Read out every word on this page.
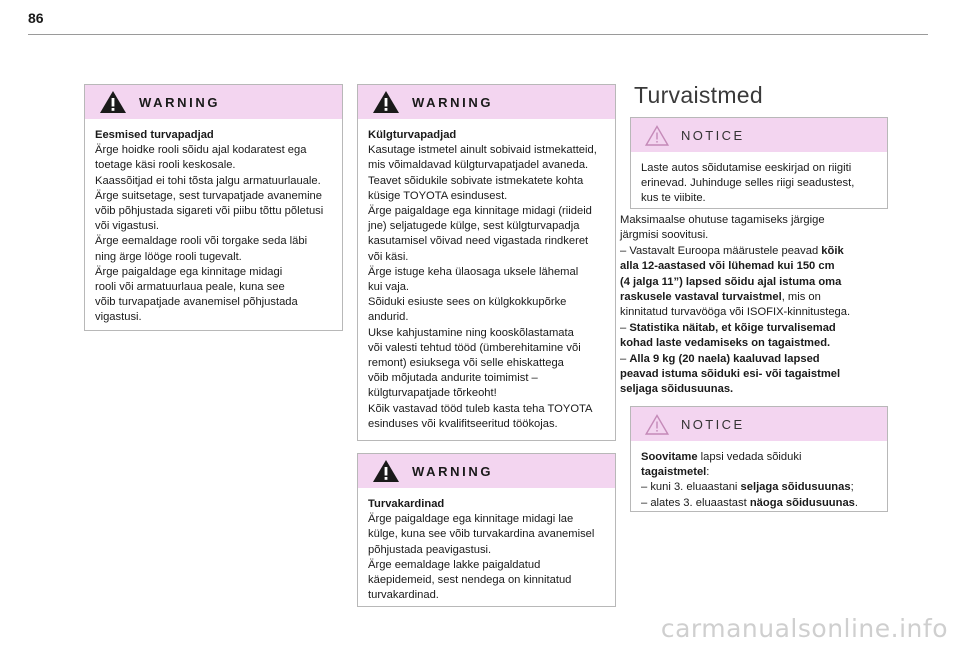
86
WARNING

Eesmised turvapadjad

Ärge hoidke rooli sõidu ajal kodaratest ega

toetage käsi rooli keskosale.

Kaassõitjad ei tohi tõsta jalgu armatuurlauale.

Ärge suitsetage, sest turvapatjade avanemine

võib põhjustada sigareti või piibu tõttu põletusi

või vigastusi.

Ärge eemaldage rooli või torgake seda läbi

ning ärge lööge rooli tugevalt.

Ärge paigaldage ega kinnitage midagi

rooli või armatuurlaua peale, kuna see

võib turvapatjade avanemisel põhjustada

vigastusi.

WARNING

Külgturvapadjad

Kasutage istmetel ainult sobivaid istmekatteid,

mis võimaldavad külgturvapatjadel avaneda.

Teavet sõidukile sobivate istmekatete kohta

küsige TOYOTA esindusest.

Ärge paigaldage ega kinnitage midagi (riideid

jne) seljatugede külge, sest külgturvapadja

kasutamisel võivad need vigastada rindkeret

või käsi.

Ärge istuge keha ülaosaga uksele lähemal

kui vaja.

Sõiduki esiuste sees on külgkokkupõrke

andurid.

Ukse kahjustamine ning kooskõlastamata

või valesti tehtud tööd (ümberehitamine või

remont) esiuksega või selle ehiskattega

võib mõjutada andurite toimimist –

külgturvapatjade tõrkeoht!

Kõik vastavad tööd tuleb kasta teha TOYOTA

esinduses või kvalifitseeritud töökojas.

WARNING

Turvakardinad

Ärge paigaldage ega kinnitage midagi lae

külge, kuna see võib turvakardina avanemisel

põhjustada peavigastusi.

Ärge eemaldage lakke paigaldatud

käepidemeid, sest nendega on kinnitatud

turvakardinad.

Turvaistmed
NOTICE

Laste autos sõidutamise eeskirjad on riigiti

erinevad. Juhinduge selles riigi seadustest,

kus te viibite.

Maksimaalse ohutuse tagamiseks järgige

järgmisi soovitusi.

– Vastavalt Euroopa määrustele peavad kõik

alla 12-aastased või lühemad kui 150 cm

(4 jalga 11”) lapsed sõidu ajal istuma oma

raskusele vastaval turvaistmel, mis on

kinnitatud turvavööga või ISOFIX-kinnitustega.

– Statistika näitab, et kõige turvalisemad

kohad laste vedamiseks on tagaistmed.

– Alla 9 kg (20 naela) kaaluvad lapsed

peavad istuma sõiduki esi- või tagaistmel

seljaga sõidusuunas.

NOTICE

Soovitame lapsi vedada sõiduki

tagaistmetel:

– kuni 3. eluaastani seljaga sõidusuunas;

– alates 3. eluaastast näoga sõidusuunas.

carmanualsonline.info
